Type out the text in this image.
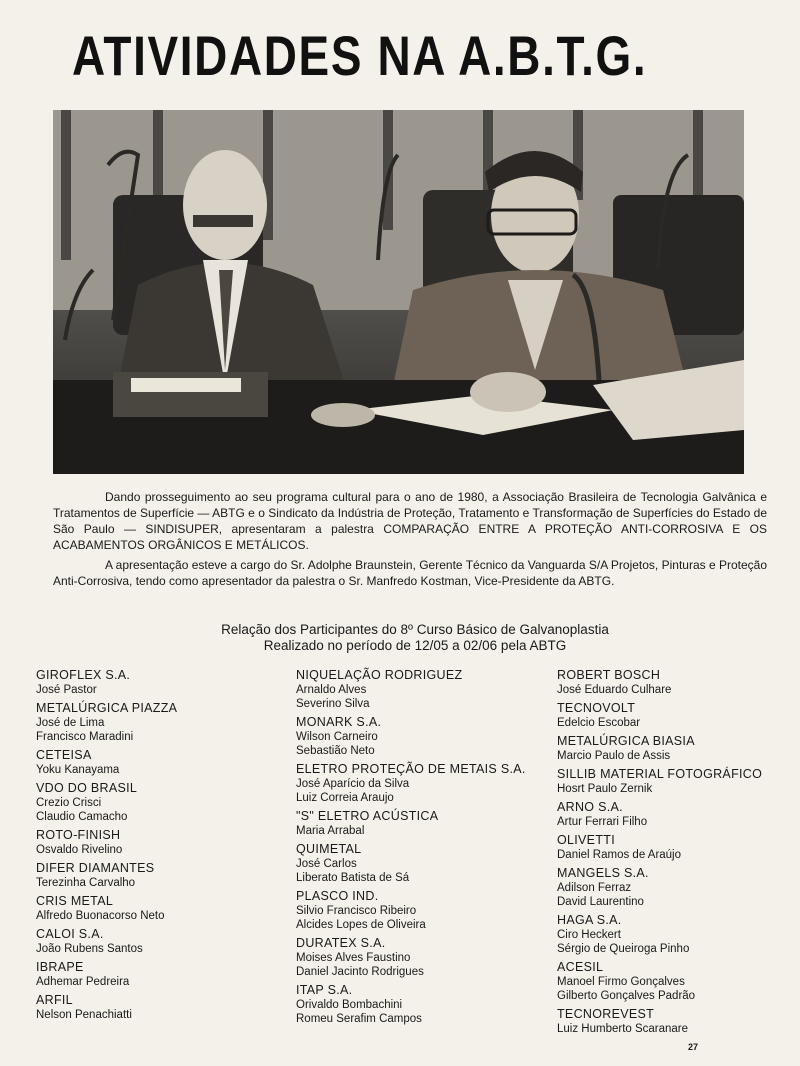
ATIVIDADES NA A.B.T.G.

Dando prosseguimento ao seu programa cultural para o ano de 1980, a Associação Brasileira de Tecnologia Galvânica e Tratamentos de Superfície — ABTG e o Sindicato da Indústria de Proteção, Tratamento e Transformação de Superfícies do Estado de São Paulo — SINDISUPER, apresentaram a palestra COMPARAÇÃO ENTRE A PROTEÇÃO ANTI-CORROSIVA E OS ACABAMENTOS ORGÂNICOS E METÁLICOS.

A apresentação esteve a cargo do Sr. Adolphe Braunstein, Gerente Técnico da Vanguarda S/A Projetos, Pinturas e Proteção Anti-Corrosiva, tendo como apresentador da palestra o Sr. Manfredo Kostman, Vice-Presidente da ABTG.

Relação dos Participantes do 8º Curso Básico de Galvanoplastia
Realizado no período de 12/05 a 02/06 pela ABTG
GIROFLEX S.A.
José Pastor
METALÚRGICA PIAZZA
José de Lima
Francisco Maradini
CETEISA
Yoku Kanayama
VDO DO BRASIL
Crezio Crisci
Claudio Camacho
ROTO-FINISH
Osvaldo Rivelino
DIFER DIAMANTES
Terezinha Carvalho
CRIS METAL
Alfredo Buonacorso Neto
CALOI S.A.
João Rubens Santos
IBRAPE
Adhemar Pedreira
ARFIL
Nelson Penachiatti
NIQUELAÇÃO RODRIGUEZ
Arnaldo Alves
Severino Silva
MONARK S.A.
Wilson Carneiro
Sebastião Neto
ELETRO PROTEÇÃO DE METAIS S.A.
José Aparício da Silva
Luiz Correia Araujo
"S" ELETRO ACÚSTICA
Maria Arrabal
QUIMETAL
José Carlos
Liberato Batista de Sá
PLASCO IND.
Silvio Francisco Ribeiro
Alcides Lopes de Oliveira
DURATEX S.A.
Moises Alves Faustino
Daniel Jacinto Rodrigues
ITAP S.A.
Orivaldo Bombachini
Romeu Serafim Campos
ROBERT BOSCH
José Eduardo Culhare
TECNOVOLT
Edelcio Escobar
METALÚRGICA BIASIA
Marcio Paulo de Assis
SILLIB MATERIAL FOTOGRÁFICO
Hosrt Paulo Zernik
ARNO S.A.
Artur Ferrari Filho
OLIVETTI
Daniel Ramos de Araújo
MANGELS S.A.
Adilson Ferraz
David Laurentino
HAGA S.A.
Ciro Heckert
Sérgio de Queiroga Pinho
ACESIL
Manoel Firmo Gonçalves
Gilberto Gonçalves Padrão
TECNOREVEST
Luiz Humberto Scaranare
27
